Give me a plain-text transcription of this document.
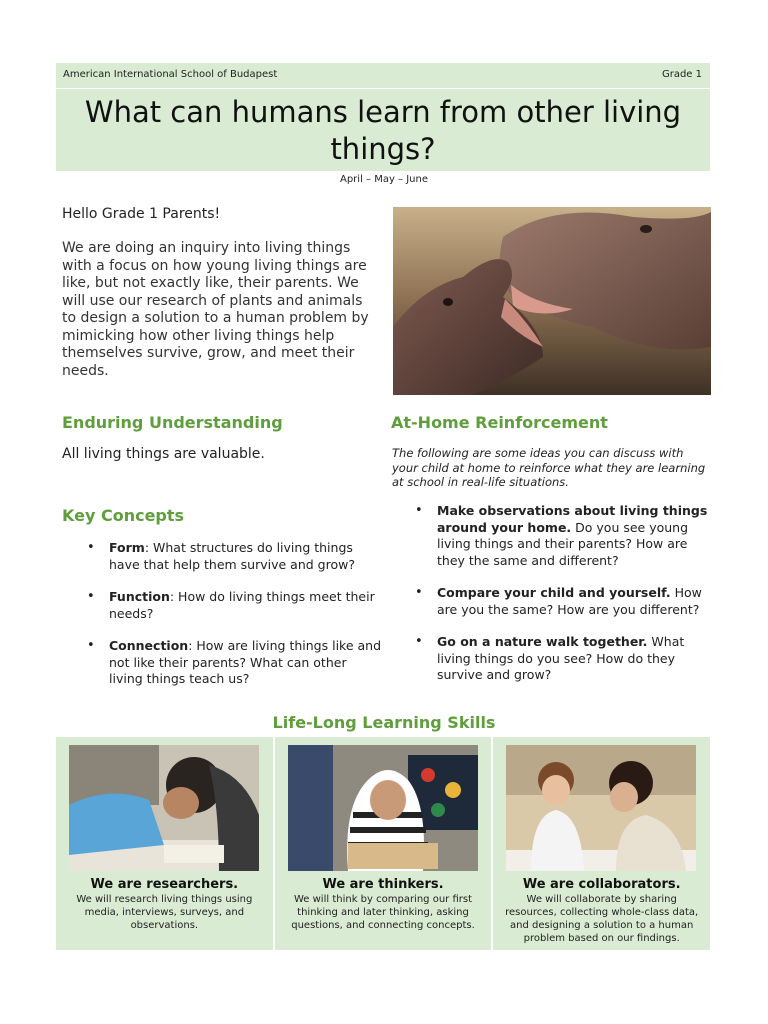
American International School of Budapest	Grade 1
What can humans learn from other living things?
April – May – June
Hello Grade 1 Parents!
We are doing an inquiry into living things with a focus on how young living things are like, but not exactly like, their parents. We will use our research of plants and animals to design a solution to a human problem by mimicking how other living things help themselves survive, grow, and meet their needs.
Enduring Understanding
All living things are valuable.
Key Concepts
• Form: What structures do living things have that help them survive and grow?
• Function: How do living things meet their needs?
• Connection: How are living things like and not like their parents? What can other living things teach us?
At-Home Reinforcement
The following are some ideas you can discuss with your child at home to reinforce what they are learning at school in real-life situations.
• Make observations about living things around your home. Do you see young living things and their parents? How are they the same and different?
• Compare your child and yourself. How are you the same? How are you different?
• Go on a nature walk together. What living things do you see? How do they survive and grow?
Life-Long Learning Skills
We are researchers.
We will research living things using media, interviews, surveys, and observations.
We are thinkers.
We will think by comparing our first thinking and later thinking, asking questions, and connecting concepts.
We are collaborators.
We will collaborate by sharing resources, collecting whole-class data, and designing a solution to a human problem based on our findings.
